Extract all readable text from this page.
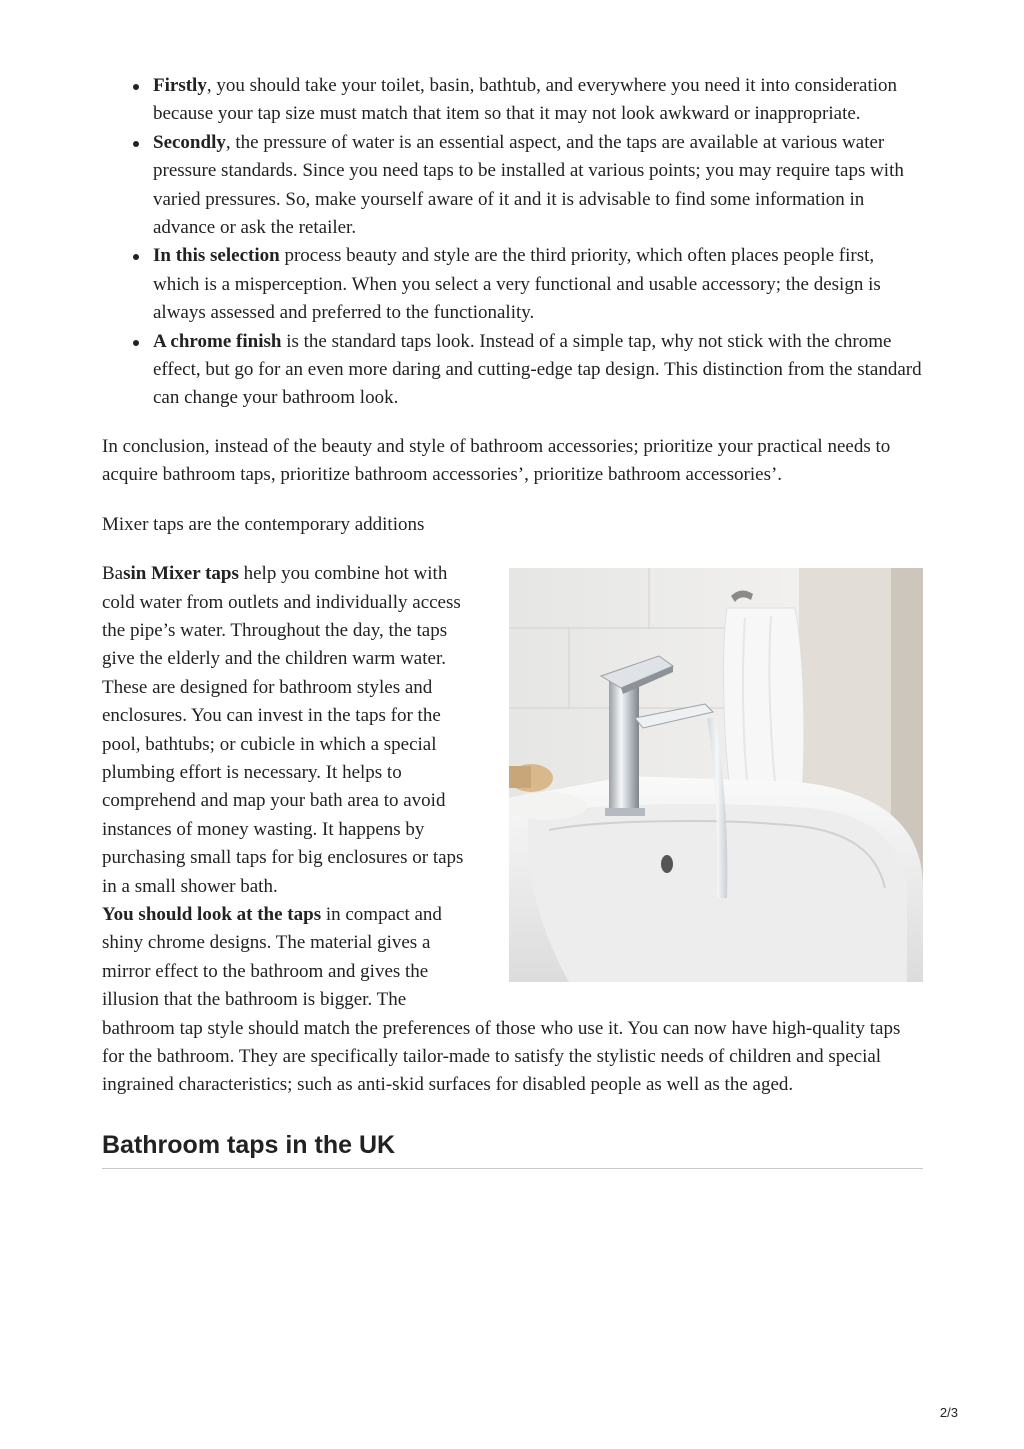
Firstly, you should take your toilet, basin, bathtub, and everywhere you need it into consideration because your tap size must match that item so that it may not look awkward or inappropriate.
Secondly, the pressure of water is an essential aspect, and the taps are available at various water pressure standards. Since you need taps to be installed at various points; you may require taps with varied pressures. So, make yourself aware of it and it is advisable to find some information in advance or ask the retailer.
In this selection process beauty and style are the third priority, which often places people first, which is a misperception. When you select a very functional and usable accessory; the design is always assessed and preferred to the functionality.
A chrome finish is the standard taps look. Instead of a simple tap, why not stick with the chrome effect, but go for an even more daring and cutting-edge tap design. This distinction from the standard can change your bathroom look.

In conclusion, instead of the beauty and style of bathroom accessories; prioritize your practical needs to acquire bathroom taps, prioritize bathroom accessories’, prioritize bathroom accessories’.

Mixer taps are the contemporary additions

Basin Mixer taps help you combine hot with cold water from outlets and individually access the pipe’s water. Throughout the day, the taps give the elderly and the children warm water. These are designed for bathroom styles and enclosures. You can invest in the taps for the pool, bathtubs; or cubicle in which a special plumbing effort is necessary. It helps to comprehend and map your bath area to avoid instances of money wasting. It happens by purchasing small taps for big enclosures or taps in a small shower bath.
You should look at the taps in compact and shiny chrome designs. The material gives a mirror effect to the bathroom and gives the illusion that the bathroom is bigger. The bathroom tap style should match the preferences of those who use it. You can now have high-quality taps for the bathroom. They are specifically tailor-made to satisfy the stylistic needs of children and special ingrained characteristics; such as anti-skid surfaces for disabled people as well as the aged.

Bathroom taps in the UK
2/3
